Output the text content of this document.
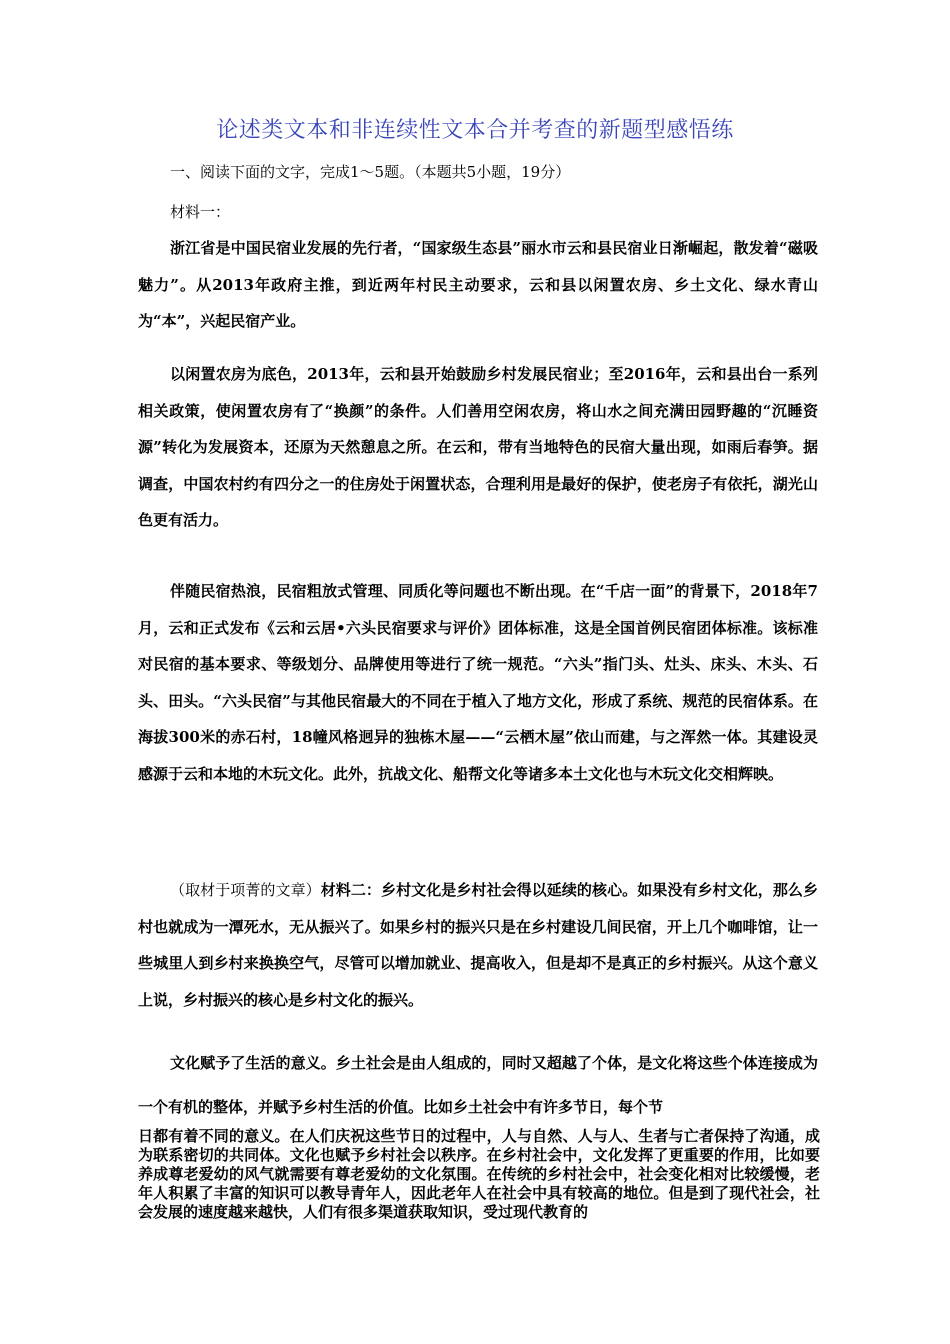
论述类文本和非连续性文本合并考查的新题型感悟练
一、阅读下面的文字，完成1～5题。（本题共5小题，19分）
材料一：

浙江省是中国民宿业发展的先行者，“国家级生态县”丽水市云和县民宿业日渐崛起，散发着“磁吸魅力”。从2013年政府主推，到近两年村民主动要求，云和县以闲置农房、乡土文化、绿水青山为“本”，兴起民宿产业。

以闲置农房为底色，2013年，云和县开始鼓励乡村发展民宿业；至2016年，云和县出台一系列相关政策，使闲置农房有了“换颜”的条件。人们善用空闲农房，将山水之间充满田园野趣的“沉睡资源”转化为发展资本，还原为天然憩息之所。在云和，带有当地特色的民宿大量出现，如雨后春笋。据调查，中国农村约有四分之一的住房处于闲置状态，合理利用是最好的保护，使老房子有依托，湖光山色更有活力。

伴随民宿热浪，民宿粗放式管理、同质化等问题也不断出现。在“千店一面”的背景下，2018年7月，云和正式发布《云和云居•六头民宿要求与评价》团体标准，这是全国首例民宿团体标准。该标准对民宿的基本要求、等级划分、品牌使用等进行了统一规范。“六头”指门头、灶头、床头、木头、石头、田头。“六头民宿”与其他民宿最大的不同在于植入了地方文化，形成了系统、规范的民宿体系。在海拔300米的赤石村，18幢风格迥异的独栋木屋——“云栖木屋”依山而建，与之浑然一体。其建设灵感源于云和本地的木玩文化。此外，抗战文化、船帮文化等诸多本土文化也与木玩文化交相辉映。

（取材于项菁的文章）材料二：乡村文化是乡村社会得以延续的核心。如果没有乡村文化，那么乡村也就成为一潭死水，无从振兴了。如果乡村的振兴只是在乡村建设几间民宿，开上几个咖啡馆，让一些城里人到乡村来换换空气，尽管可以增加就业、提高收入，但是却不是真正的乡村振兴。从这个意义上说，乡村振兴的核心是乡村文化的振兴。

文化赋予了生活的意义。乡土社会是由人组成的，同时又超越了个体，是文化将这些个体连接成为一个有机的整体，并赋予乡村生活的价值。比如乡土社会中有许多节日，每个节

日都有着不同的意义。在人们庆祝这些节日的过程中，人与自然、人与人、生者与亡者保持了沟通，成为联系密切的共同体。文化也赋予乡村社会以秩序。在乡村社会中，文化发挥了更重要的作用，比如要养成尊老爱幼的风气就需要有尊老爱幼的文化氛围。在传统的乡村社会中，社会变化相对比较缓慢，老年人积累了丰富的知识可以教导青年人，因此老年人在社会中具有较高的地位。但是到了现代社会，社会发展的速度越来越快，人们有很多渠道获取知识，受过现代教育的
